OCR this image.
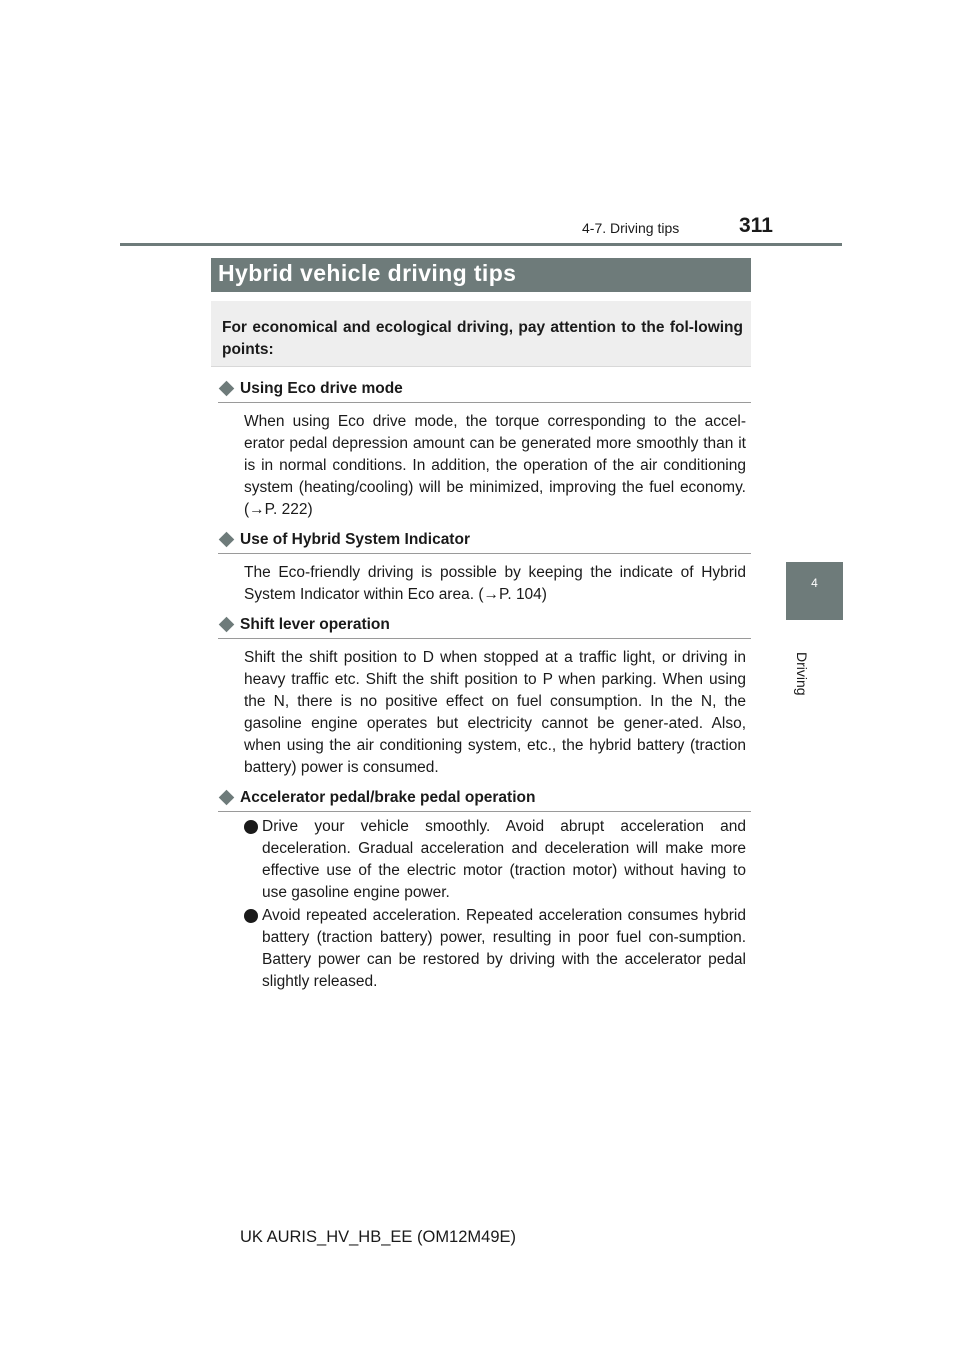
311
4-7. Driving tips
4
Driving
Hybrid vehicle driving tips
For economical and ecological driving, pay attention to the fol-lowing points:
Using Eco drive mode
When using Eco drive mode, the torque corresponding to the accel-erator pedal depression amount can be generated more smoothly than it is in normal conditions. In addition, the operation of the air conditioning system (heating/cooling) will be minimized, improving the fuel economy. (→P. 222)
Use of Hybrid System Indicator
The Eco-friendly driving is possible by keeping the indicate of Hybrid System Indicator within Eco area. (→P. 104)
Shift lever operation
Shift the shift position to D when stopped at a traffic light, or driving in heavy traffic etc. Shift the shift position to P when parking. When using the N, there is no positive effect on fuel consumption. In the N, the gasoline engine operates but electricity cannot be gener-ated. Also, when using the air conditioning system, etc., the hybrid battery (traction battery) power is consumed.
Accelerator pedal/brake pedal operation
Drive your vehicle smoothly. Avoid abrupt acceleration and deceleration. Gradual acceleration and deceleration will make more effective use of the electric motor (traction motor) without having to use gasoline engine power.
Avoid repeated acceleration. Repeated acceleration consumes hybrid battery (traction battery) power, resulting in poor fuel con-sumption. Battery power can be restored by driving with the accelerator pedal slightly released.
UK AURIS_HV_HB_EE (OM12M49E)
